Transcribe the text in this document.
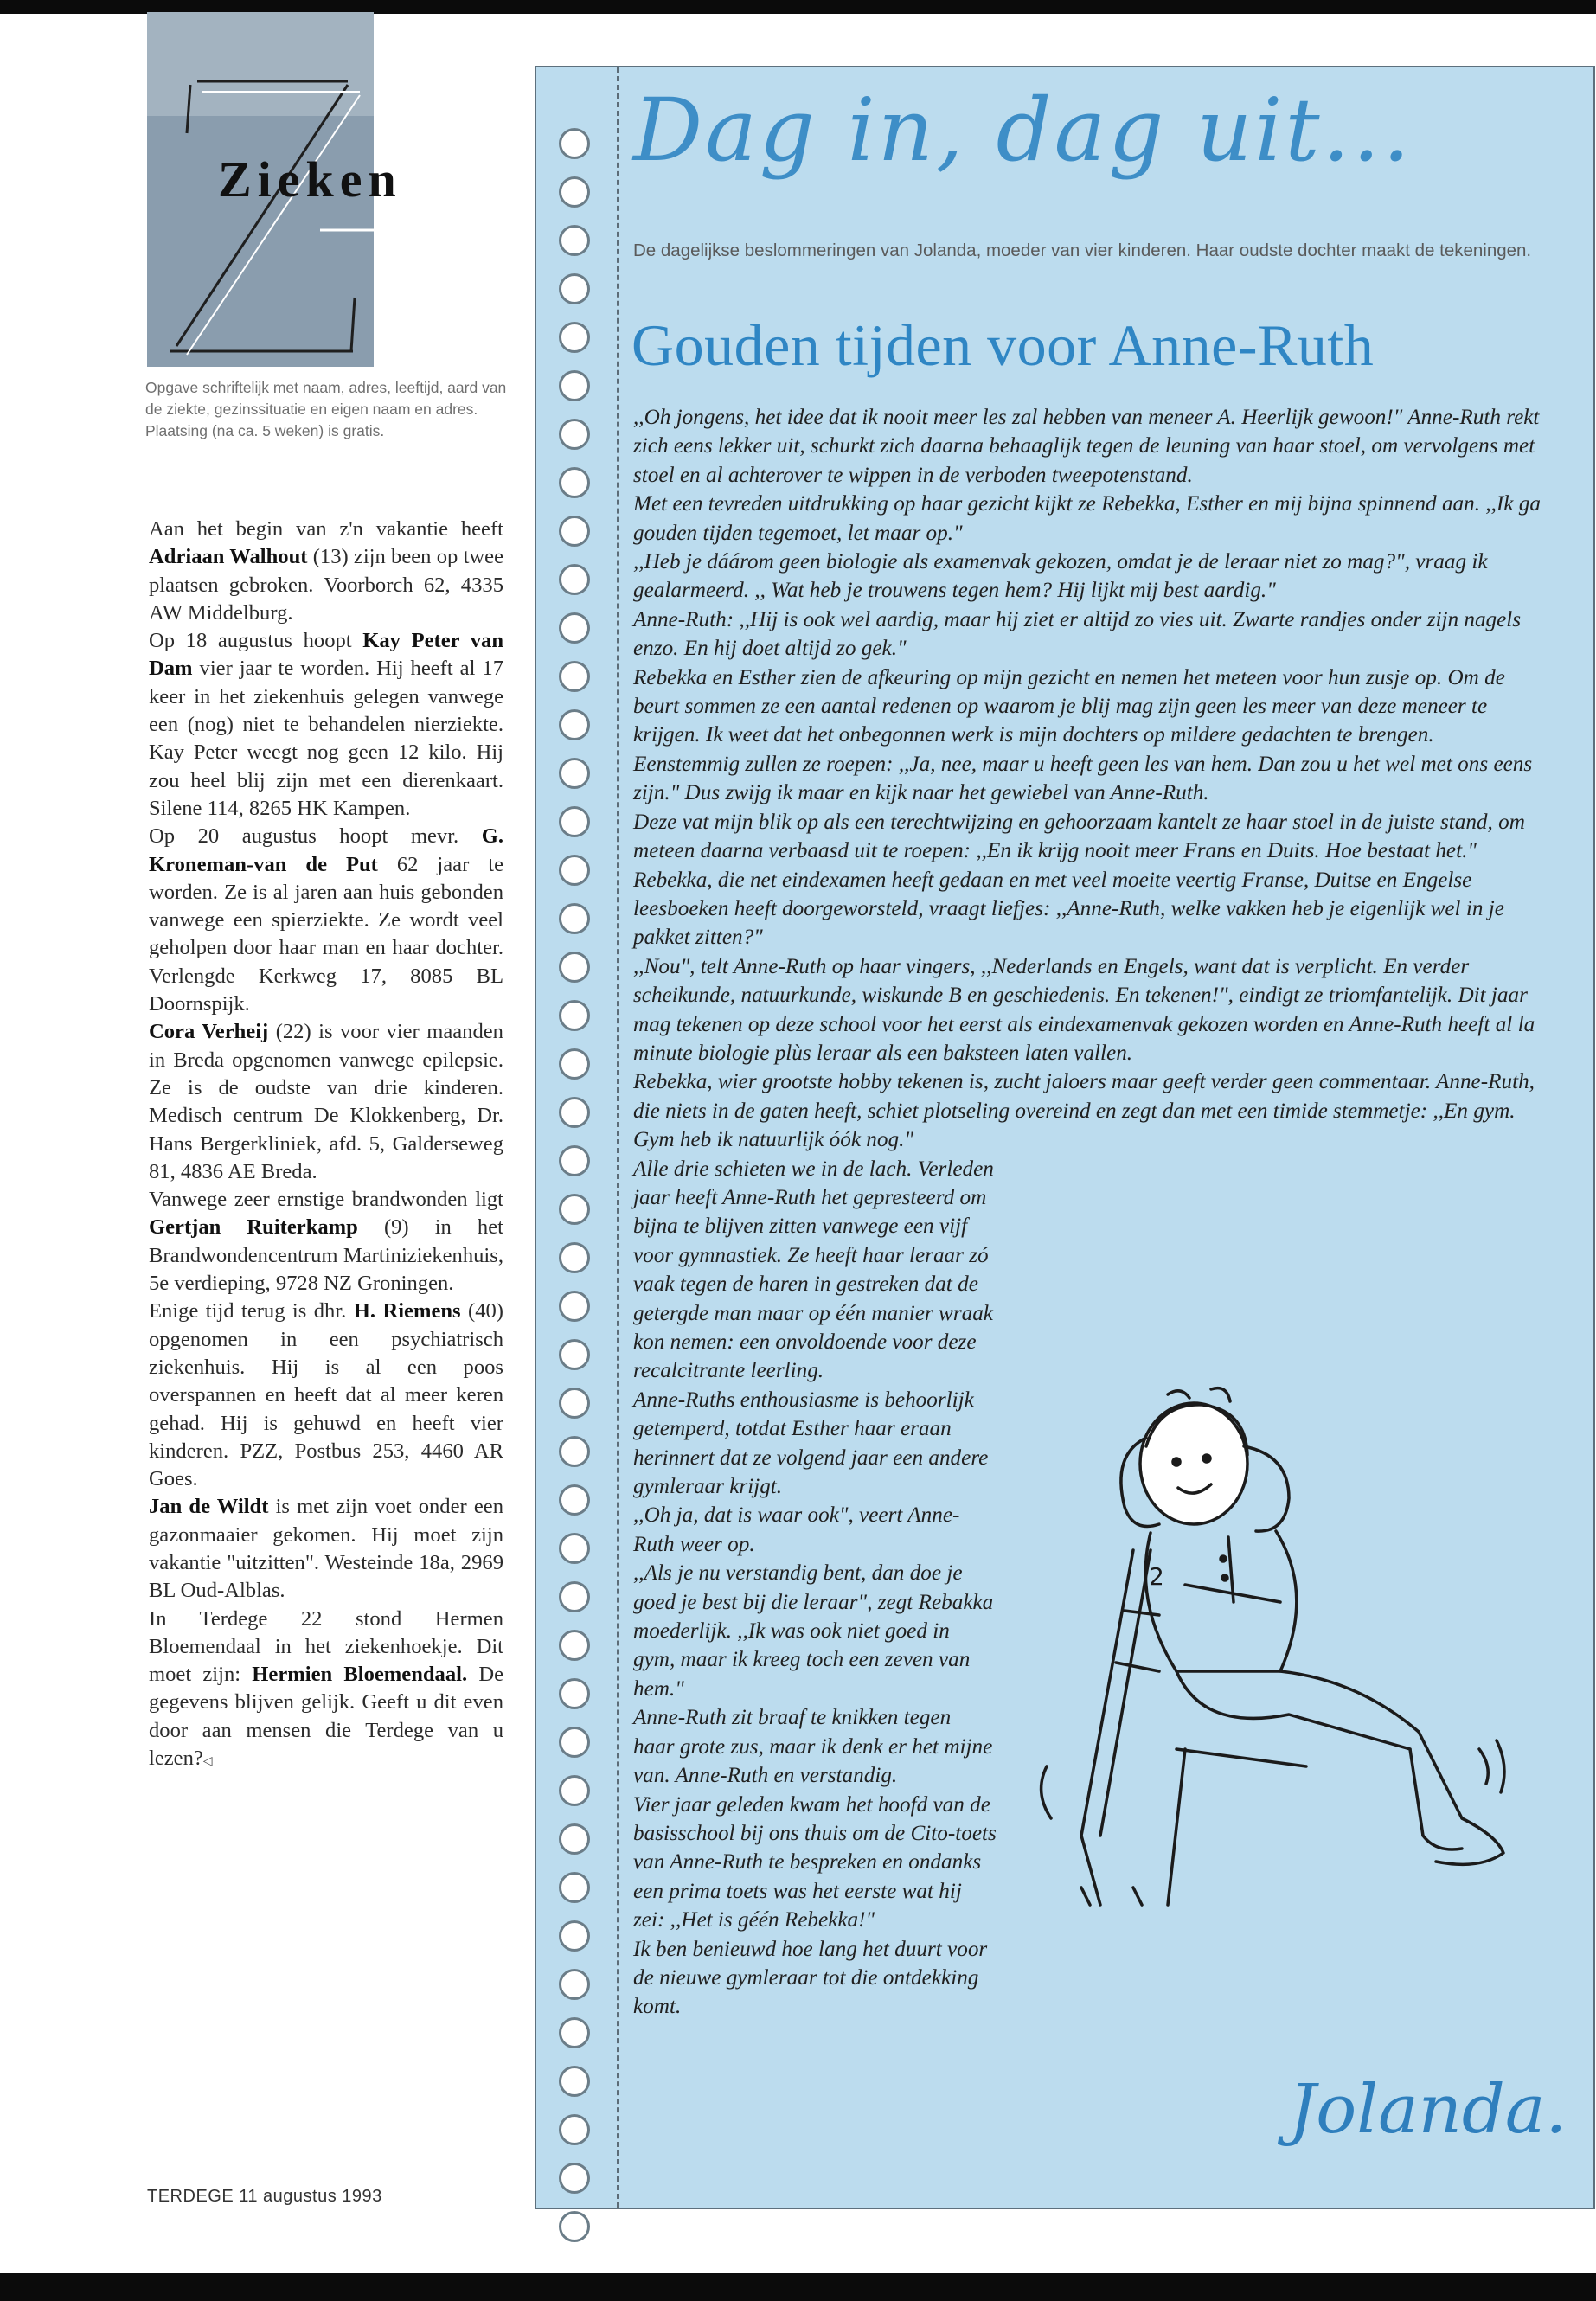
Zieken
Opgave schriftelijk met naam, adres, leeftijd, aard van de ziekte, gezinssituatie en eigen naam en adres. Plaatsing (na ca. 5 weken) is gratis.

Aan het begin van z'n vakantie heeft Adriaan Walhout (13) zijn been op twee plaatsen gebroken. Voorborch 62, 4335 AW Middelburg.

Op 18 augustus hoopt Kay Peter van Dam vier jaar te worden. Hij heeft al 17 keer in het ziekenhuis gelegen vanwege een (nog) niet te behandelen nierziekte. Kay Peter weegt nog geen 12 kilo. Hij zou heel blij zijn met een dierenkaart. Silene 114, 8265 HK Kampen.

Op 20 augustus hoopt mevr. G. Kroneman-van de Put 62 jaar te worden. Ze is al jaren aan huis gebonden vanwege een spierziekte. Ze wordt veel geholpen door haar man en haar dochter. Verlengde Kerkweg 17, 8085 BL Doornspijk.

Cora Verheij (22) is voor vier maanden in Breda opgenomen vanwege epilepsie. Ze is de oudste van drie kinderen. Medisch centrum De Klokkenberg, Dr. Hans Bergerkliniek, afd. 5, Galderseweg 81, 4836 AE Breda.

Vanwege zeer ernstige brandwonden ligt Gertjan Ruiterkamp (9) in het Brandwondencentrum Martiniziekenhuis, 5e verdieping, 9728 NZ Groningen.

Enige tijd terug is dhr. H. Riemens (40) opgenomen in een psychiatrisch ziekenhuis. Hij is al een poos overspannen en heeft dat al meer keren gehad. Hij is gehuwd en heeft vier kinderen. PZZ, Postbus 253, 4460 AR Goes.

Jan de Wildt is met zijn voet onder een gazonmaaier gekomen. Hij moet zijn vakantie "uitzitten". Westeinde 18a, 2969 BL Oud-Alblas.

In Terdege 22 stond Hermen Bloemendaal in het ziekenhoekje. Dit moet zijn: Hermien Bloemendaal. De gegevens blijven gelijk. Geeft u dit even door aan mensen die Terdege van u lezen?◁

TERDEGE 11 augustus 1993
Dag in, dag uit...
De dagelijkse beslommeringen van Jolanda, moeder van vier kinderen. Haar oudste dochter maakt de tekeningen.
Gouden tijden voor Anne-Ruth

,,Oh jongens, het idee dat ik nooit meer les zal hebben van meneer A. Heerlijk gewoon!" Anne-Ruth rekt zich eens lekker uit, schurkt zich daarna behaaglijk tegen de leuning van haar stoel, om vervolgens met stoel en al achterover te wippen in de verboden tweepotenstand.

Met een tevreden uitdrukking op haar gezicht kijkt ze Rebekka, Esther en mij bijna spinnend aan. ,,Ik ga gouden tijden tegemoet, let maar op."

,,Heb je dáárom geen biologie als examenvak gekozen, omdat je de leraar niet zo mag?", vraag ik gealarmeerd. ,, Wat heb je trouwens tegen hem? Hij lijkt mij best aardig."

Anne-Ruth: ,,Hij is ook wel aardig, maar hij ziet er altijd zo vies uit. Zwarte randjes onder zijn nagels enzo. En hij doet altijd zo gek."

Rebekka en Esther zien de afkeuring op mijn gezicht en nemen het meteen voor hun zusje op. Om de beurt sommen ze een aantal redenen op waarom je blij mag zijn geen les meer van deze meneer te krijgen. Ik weet dat het onbegonnen werk is mijn dochters op mildere gedachten te brengen. Eenstemmig zullen ze roepen: ,,Ja, nee, maar u heeft geen les van hem. Dan zou u het wel met ons eens zijn." Dus zwijg ik maar en kijk naar het gewiebel van Anne-Ruth.

Deze vat mijn blik op als een terechtwijzing en gehoorzaam kantelt ze haar stoel in de juiste stand, om meteen daarna verbaasd uit te roepen: ,,En ik krijg nooit meer Frans en Duits. Hoe bestaat het."

Rebekka, die net eindexamen heeft gedaan en met veel moeite veertig Franse, Duitse en Engelse leesboeken heeft doorgeworsteld, vraagt liefjes: ,,Anne-Ruth, welke vakken heb je eigenlijk wel in je pakket zitten?"

,,Nou", telt Anne-Ruth op haar vingers, ,,Nederlands en Engels, want dat is verplicht. En verder scheikunde, natuurkunde, wiskunde B en geschiedenis. En tekenen!", eindigt ze triomfantelijk. Dit jaar mag tekenen op deze school voor het eerst als eindexamenvak gekozen worden en Anne-Ruth heeft al la minute biologie plùs leraar als een baksteen laten vallen.

Rebekka, wier grootste hobby tekenen is, zucht jaloers maar geeft verder geen commentaar. Anne-Ruth, die niets in de gaten heeft, schiet plotseling overeind en zegt dan met een timide stemmetje: ,,En gym. Gym heb ik natuurlijk óók nog."

Alle drie schieten we in de lach. Verleden jaar heeft Anne-Ruth het gepresteerd om bijna te blijven zitten vanwege een vijf voor gymnastiek. Ze heeft haar leraar zó vaak tegen de haren in gestreken dat de getergde man maar op één manier wraak kon nemen: een onvoldoende voor deze recalcitrante leerling.

Anne-Ruths enthousiasme is behoorlijk getemperd, totdat Esther haar eraan herinnert dat ze volgend jaar een andere gymleraar krijgt.

,,Oh ja, dat is waar ook", veert Anne-Ruth weer op.

,,Als je nu verstandig bent, dan doe je goed je best bij die leraar", zegt Rebakka moederlijk. ,,Ik was ook niet goed in gym, maar ik kreeg toch een zeven van hem."

Anne-Ruth zit braaf te knikken tegen haar grote zus, maar ik denk er het mijne van. Anne-Ruth en verstandig.

Vier jaar geleden kwam het hoofd van de basisschool bij ons thuis om de Cito-toets van Anne-Ruth te bespreken en ondanks een prima toets was het eerste wat hij zei: ,,Het is géén Rebekka!"

Ik ben benieuwd hoe lang het duurt voor de nieuwe gymleraar tot die ontdekking komt.

2
Jolanda.
